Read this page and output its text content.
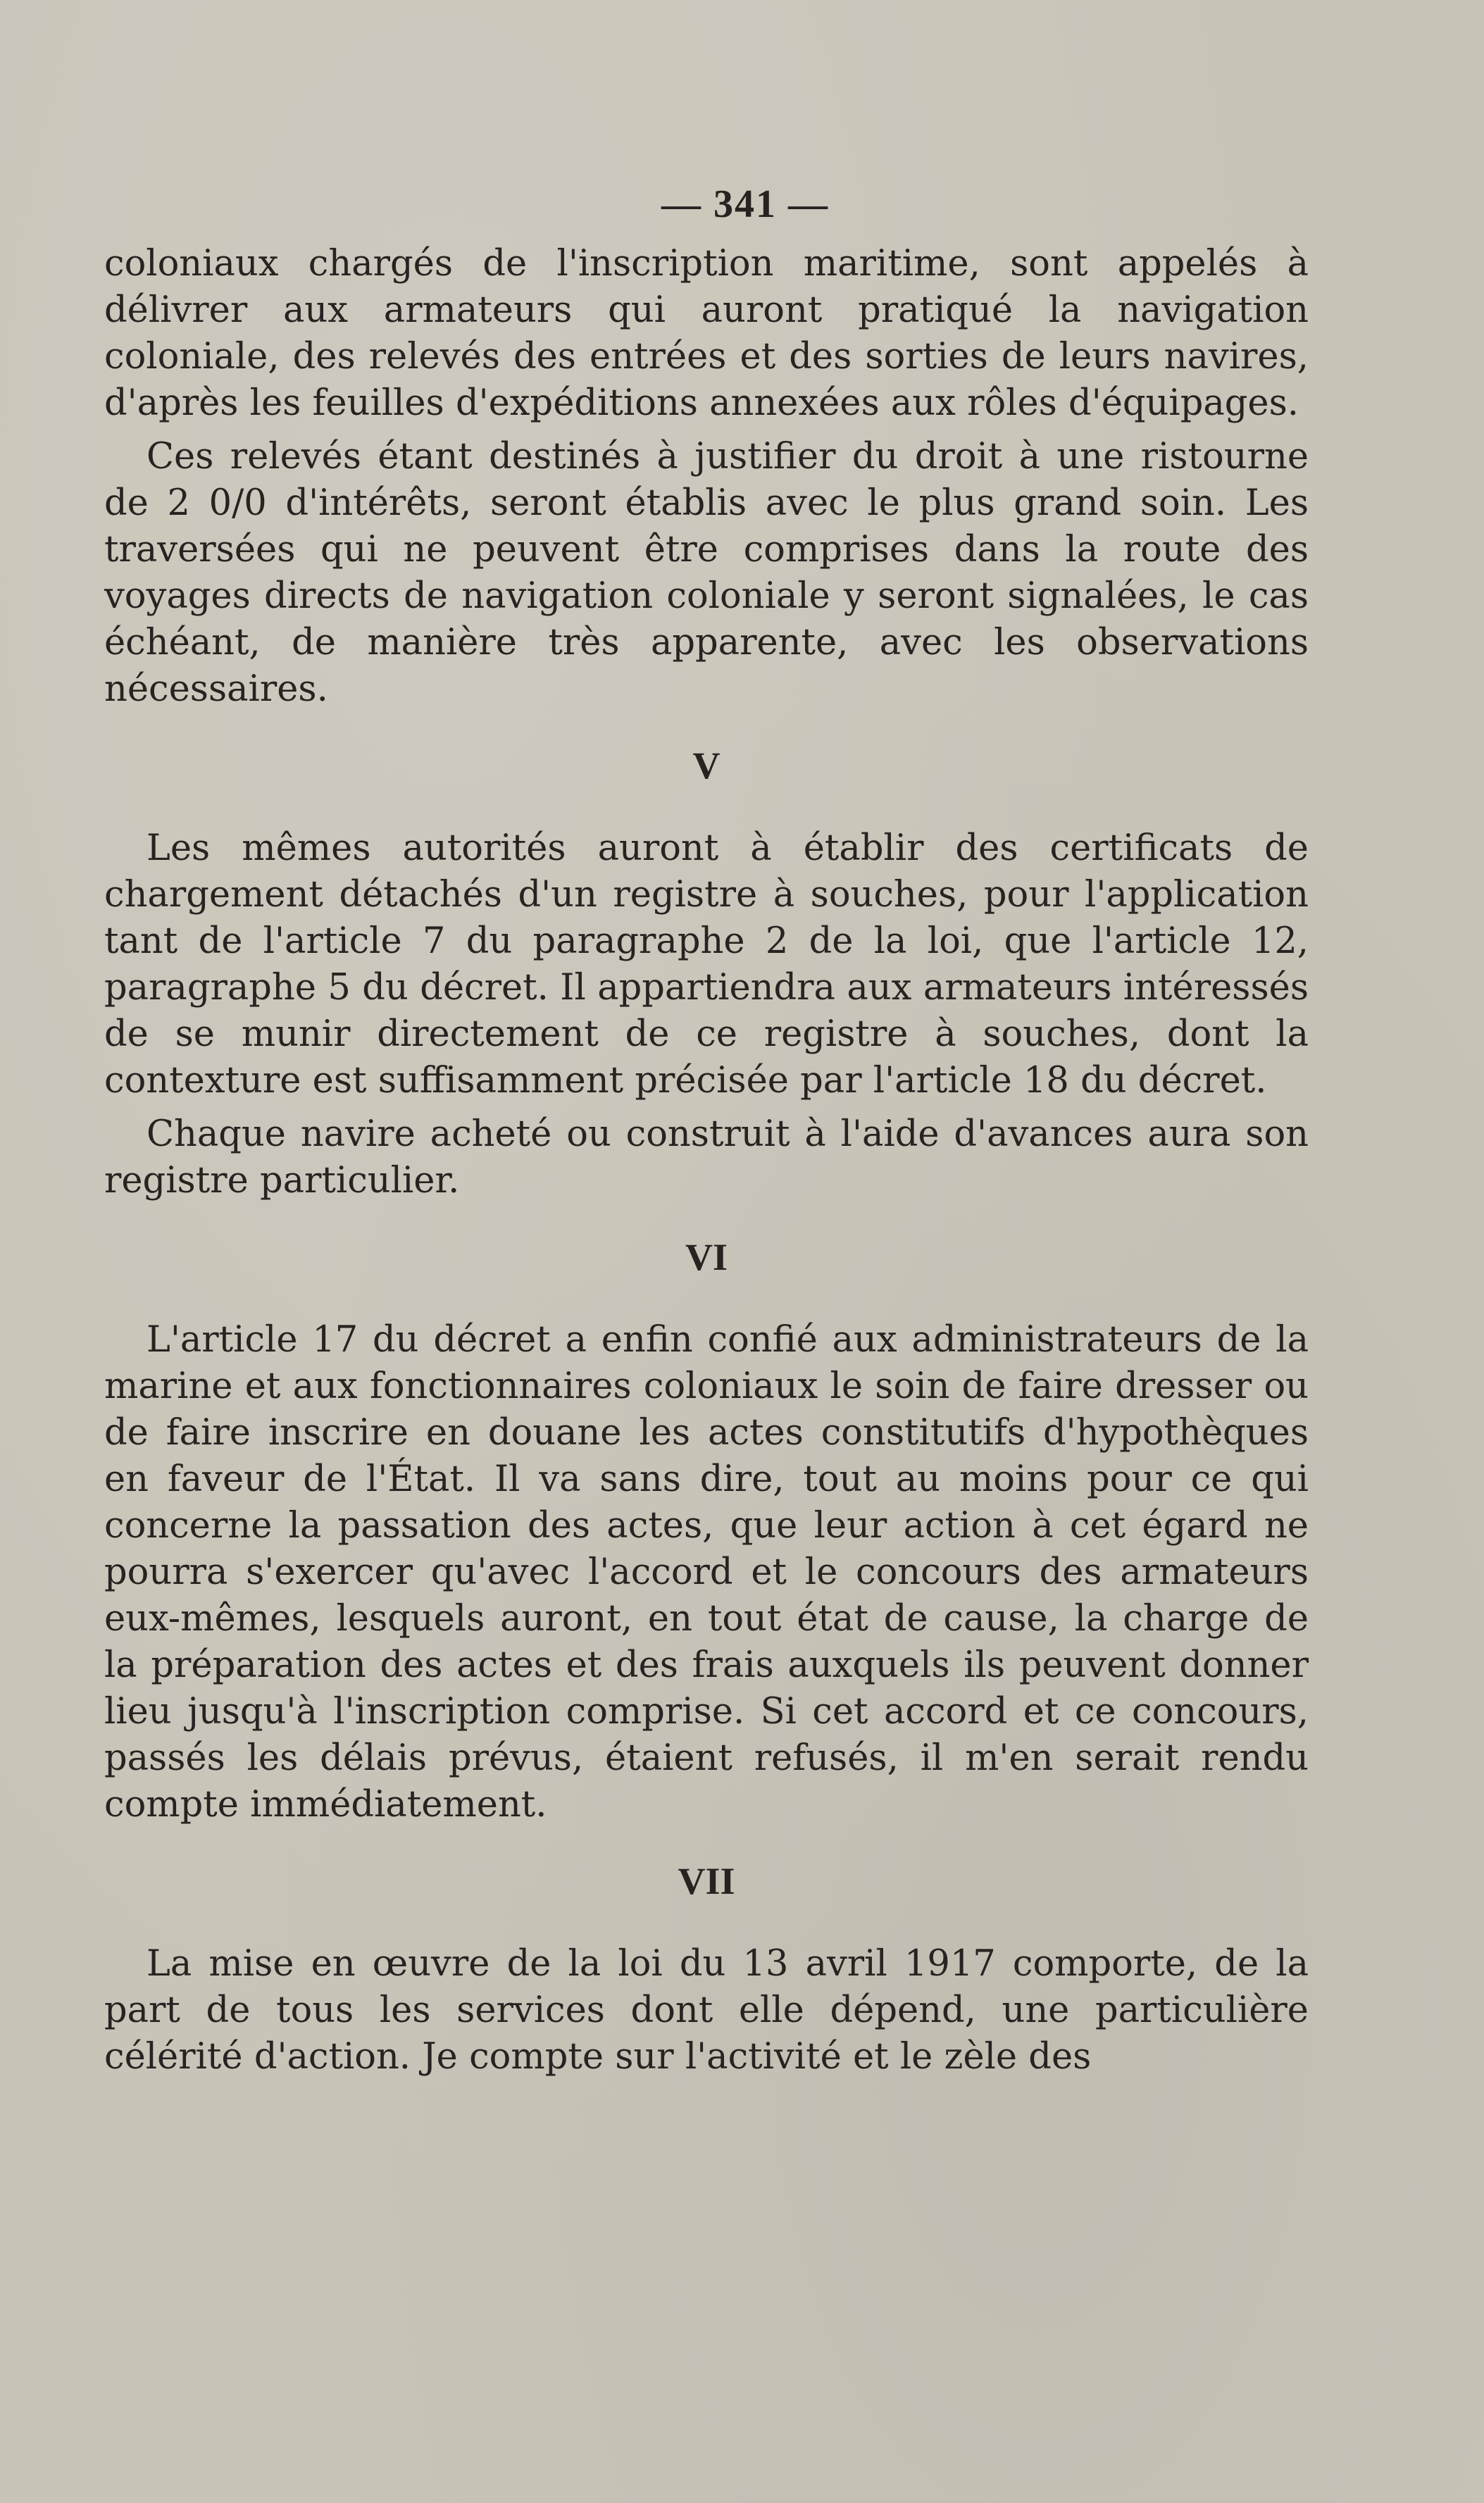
— 341 —

coloniaux chargés de l'inscription maritime, sont appelés à délivrer aux armateurs qui auront pratiqué la navigation coloniale, des relevés des entrées et des sorties de leurs navires, d'après les feuilles d'expéditions annexées aux rôles d'équipages.

Ces relevés étant destinés à justifier du droit à une ristourne de 2 0/0 d'intérêts, seront établis avec le plus grand soin. Les traversées qui ne peuvent être comprises dans la route des voyages directs de navigation coloniale y seront signalées, le cas échéant, de manière très apparente, avec les observations nécessaires.

V

Les mêmes autorités auront à établir des certificats de chargement détachés d'un registre à souches, pour l'application tant de l'article 7 du paragraphe 2 de la loi, que l'article 12, paragraphe 5 du décret. Il appartiendra aux armateurs intéressés de se munir directement de ce registre à souches, dont la contexture est suffisamment précisée par l'article 18 du décret.

Chaque navire acheté ou construit à l'aide d'avances aura son registre particulier.

VI

L'article 17 du décret a enfin confié aux administrateurs de la marine et aux fonctionnaires coloniaux le soin de faire dresser ou de faire inscrire en douane les actes constitutifs d'hypothèques en faveur de l'État. Il va sans dire, tout au moins pour ce qui concerne la passation des actes, que leur action à cet égard ne pourra s'exercer qu'avec l'accord et le concours des armateurs eux-mêmes, lesquels auront, en tout état de cause, la charge de la préparation des actes et des frais auxquels ils peuvent donner lieu jusqu'à l'inscription comprise. Si cet accord et ce concours, passés les délais prévus, étaient refusés, il m'en serait rendu compte immédiatement.

VII

La mise en œuvre de la loi du 13 avril 1917 comporte, de la part de tous les services dont elle dépend, une particulière célérité d'action. Je compte sur l'activité et le zèle des
